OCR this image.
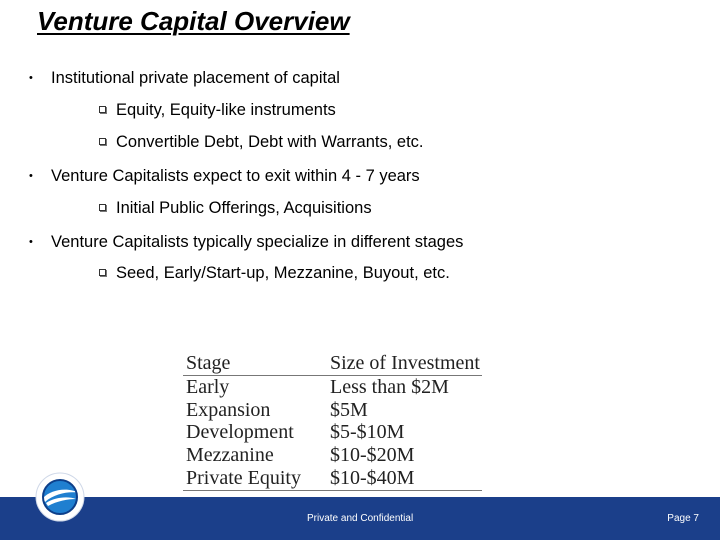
Venture Capital Overview
• Institutional private placement of capital
Equity, Equity-like instruments
Convertible Debt, Debt with Warrants, etc.
• Venture Capitalists expect to exit within 4 - 7 years
Initial Public Offerings, Acquisitions
• Venture Capitalists typically specialize in different stages
Seed, Early/Start-up, Mezzanine, Buyout, etc.
Stage	Size of Investment
Early	Less than $2M
Expansion	$5M
Development	$5-$10M
Mezzanine	$10-$20M
Private Equity	$10-$40M
Private and Confidential	Page 7
